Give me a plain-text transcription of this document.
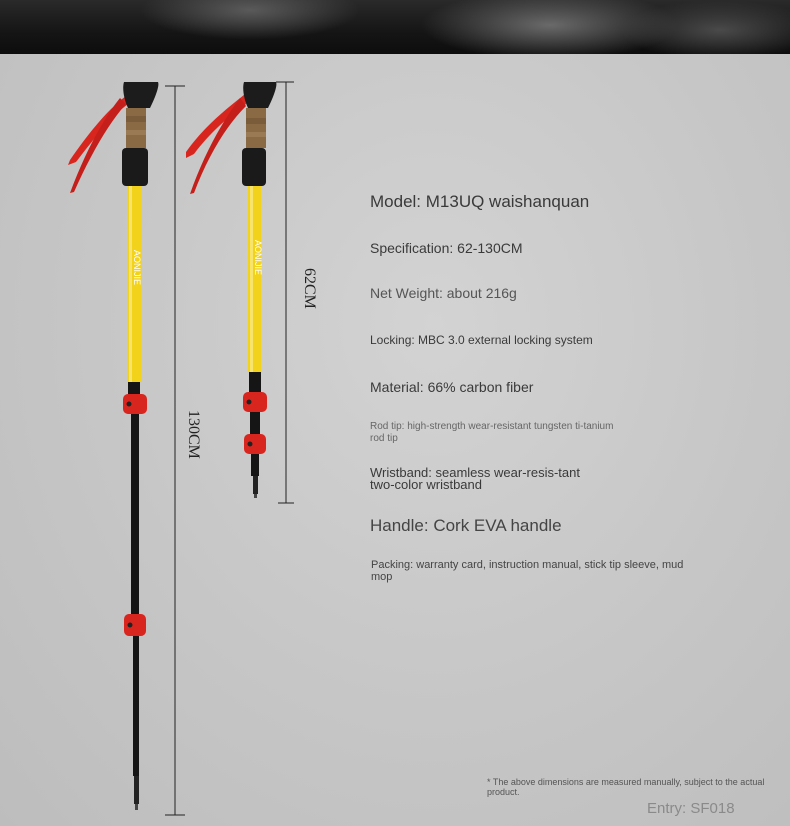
AONIJIE	AONIJIE
130CM
62CM
Model: M13UQ waishanquan
Specification: 62-130CM
Net Weight: about 216g
Locking: MBC 3.0 external locking system
Material: 66% carbon fiber
Rod tip: high-strength wear-resistant tungsten ti-tanium rod tip
Wristband: seamless wear-resis-tant two-color wristband
Handle: Cork EVA handle
Packing: warranty card, instruction manual, stick tip sleeve, mud mop
* The above dimensions are measured manually, subject to the actual product.
Entry: SF018
